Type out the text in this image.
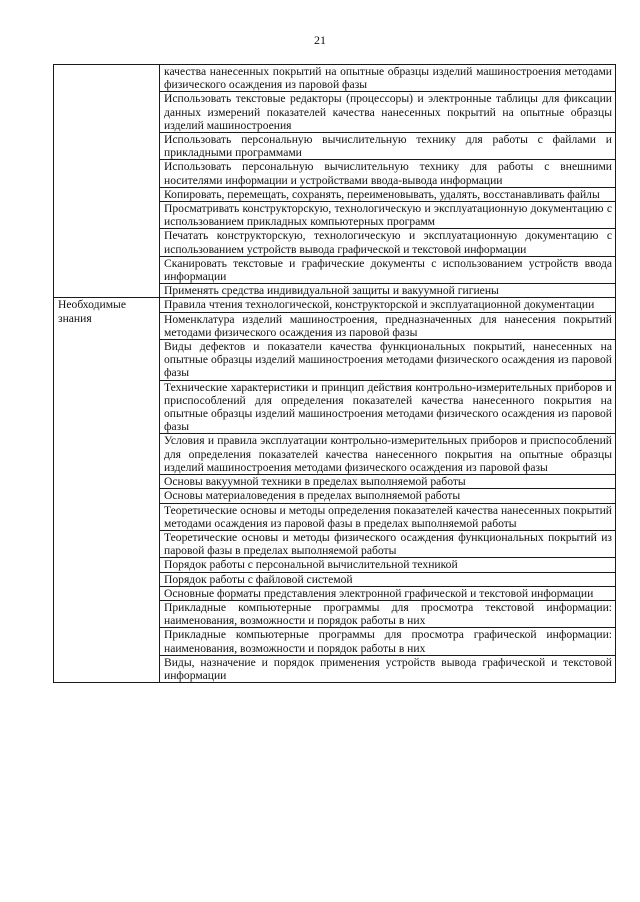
21
	качества нанесенных покрытий на опытные образцы изделий машиностроения методами физического осаждения из паровой фазы
	Использовать текстовые редакторы (процессоры) и электронные таблицы для фиксации данных измерений показателей качества нанесенных покрытий на опытные образцы изделий машиностроения
	Использовать персональную вычислительную технику для работы с файлами и прикладными программами
	Использовать персональную вычислительную технику для работы с внешними носителями информации и устройствами ввода-вывода информации
	Копировать, перемещать, сохранять, переименовывать, удалять, восстанавливать файлы
	Просматривать конструкторскую, технологическую и эксплуатационную документацию с использованием прикладных компьютерных программ
	Печатать конструкторскую, технологическую и эксплуатационную документацию с использованием устройств вывода графической и текстовой информации
	Сканировать текстовые и графические документы с использованием устройств ввода информации
	Применять средства индивидуальной защиты и вакуумной гигиены
Необходимые знания	Правила чтения технологической, конструкторской и эксплуатационной документации
	Номенклатура изделий машиностроения, предназначенных для нанесения покрытий методами физического осаждения из паровой фазы
	Виды дефектов и показатели качества функциональных покрытий, нанесенных на опытные образцы изделий машиностроения методами физического осаждения из паровой фазы
	Технические характеристики и принцип действия контрольно-измерительных приборов и приспособлений для определения показателей качества нанесенного покрытия на опытные образцы изделий машиностроения методами физического осаждения из паровой фазы
	Условия и правила эксплуатации контрольно-измерительных приборов и приспособлений для определения показателей качества нанесенного покрытия на опытные образцы изделий машиностроения методами физического осаждения из паровой фазы
	Основы вакуумной техники в пределах выполняемой работы
	Основы материаловедения в пределах выполняемой работы
	Теоретические основы и методы определения показателей качества нанесенных покрытий методами осаждения из паровой фазы в пределах выполняемой работы
	Теоретические основы и методы физического осаждения функциональных покрытий из паровой фазы в пределах выполняемой работы
	Порядок работы с персональной вычислительной техникой
	Порядок работы с файловой системой
	Основные форматы представления электронной графической и текстовой информации
	Прикладные компьютерные программы для просмотра текстовой информации: наименования, возможности и порядок работы в них
	Прикладные компьютерные программы для просмотра графической информации: наименования, возможности и порядок работы в них
	Виды, назначение и порядок применения устройств вывода графической и текстовой информации
